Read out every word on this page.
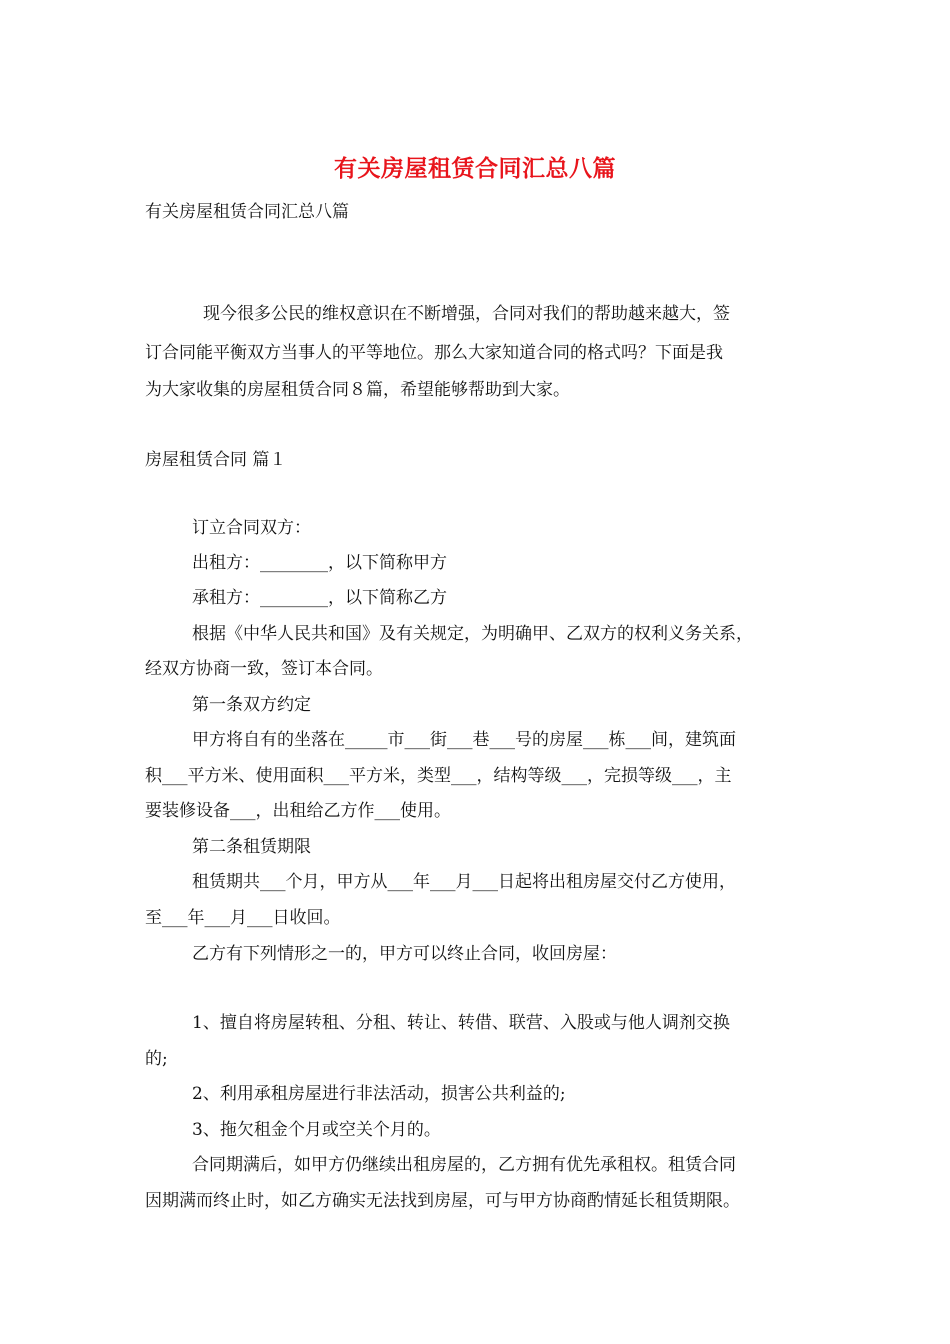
有关房屋租赁合同汇总八篇
有关房屋租赁合同汇总八篇
现今很多公民的维权意识在不断增强，合同对我们的帮助越来越大，签
订合同能平衡双方当事人的平等地位。那么大家知道合同的格式吗？下面是我
为大家收集的房屋租赁合同８篇，希望能够帮助到大家。
房屋租赁合同 篇１
订立合同双方：
出租方：________，以下简称甲方
承租方：________，以下简称乙方
根据《中华人民共和国》及有关规定，为明确甲、乙双方的权利义务关系，
经双方协商一致，签订本合同。
第一条双方约定
甲方将自有的坐落在_____市___街___巷___号的房屋___栋___间，建筑面
积___平方米、使用面积___平方米，类型___，结构等级___，完损等级___，主
要装修设备___，出租给乙方作___使用。
第二条租赁期限
租赁期共___个月，甲方从___年___月___日起将出租房屋交付乙方使用，
至___年___月___日收回。
乙方有下列情形之一的，甲方可以终止合同，收回房屋：
1、擅自将房屋转租、分租、转让、转借、联营、入股或与他人调剂交换
的;
2、利用承租房屋进行非法活动，损害公共利益的;
3、拖欠租金个月或空关个月的。
合同期满后，如甲方仍继续出租房屋的，乙方拥有优先承租权。租赁合同
因期满而终止时，如乙方确实无法找到房屋，可与甲方协商酌情延长租赁期限。
